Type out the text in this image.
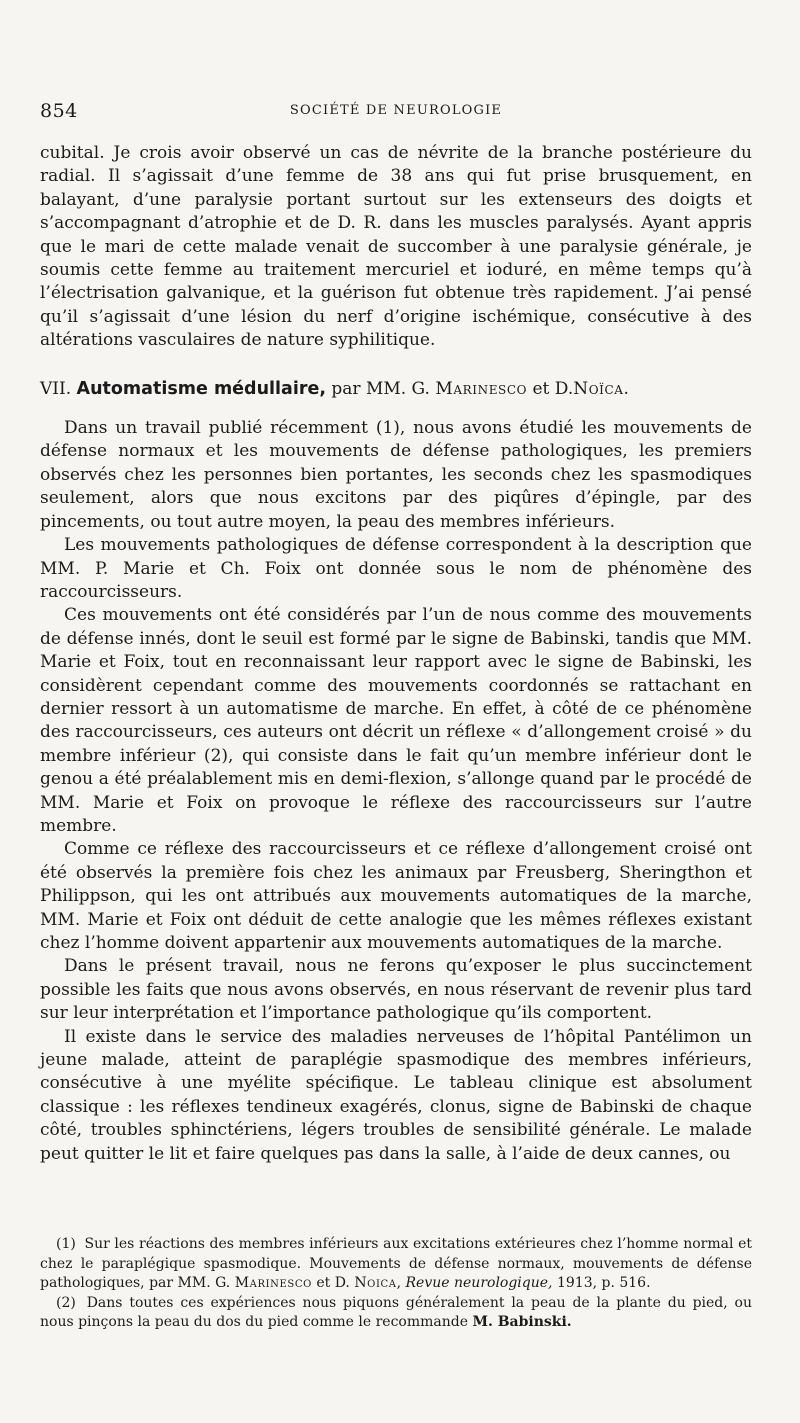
854	SOCIÉTÉ DE NEUROLOGIE

cubital. Je crois avoir observé un cas de névrite de la branche postérieure du radial. Il s’agissait d’une femme de 38 ans qui fut prise brusquement, en balayant, d’une paralysie portant surtout sur les extenseurs des doigts et s’accompagnant d’atrophie et de D. R. dans les muscles paralysés. Ayant appris que le mari de cette malade venait de succomber à une paralysie générale, je soumis cette femme au traitement mercuriel et ioduré, en même temps qu’à l’électrisation galvanique, et la guérison fut obtenue très rapidement. J’ai pensé qu’il s’agissait d’une lésion du nerf d’origine ischémique, consécutive à des altérations vasculaires de nature syphilitique.

VII. Automatisme médullaire, par MM. G. Marinesco et D.Noïca.

Dans un travail publié récemment (1), nous avons étudié les mouvements de défense normaux et les mouvements de défense pathologiques, les premiers observés chez les personnes bien portantes, les seconds chez les spasmodiques seulement, alors que nous excitons par des piqûres d’épingle, par des pincements, ou tout autre moyen, la peau des membres inférieurs.

Les mouvements pathologiques de défense correspondent à la description que MM. P. Marie et Ch. Foix ont donnée sous le nom de phénomène des raccourcisseurs.

Ces mouvements ont été considérés par l’un de nous comme des mouvements de défense innés, dont le seuil est formé par le signe de Babinski, tandis que MM. Marie et Foix, tout en reconnaissant leur rapport avec le signe de Babinski, les considèrent cependant comme des mouvements coordonnés se rattachant en dernier ressort à un automatisme de marche. En effet, à côté de ce phénomène des raccourcisseurs, ces auteurs ont décrit un réflexe « d’allongement croisé » du membre inférieur (2), qui consiste dans le fait qu’un membre inférieur dont le genou a été préalablement mis en demi-flexion, s’allonge quand par le procédé de MM. Marie et Foix on provoque le réflexe des raccourcisseurs sur l’autre membre.

Comme ce réflexe des raccourcisseurs et ce réflexe d’allongement croisé ont été observés la première fois chez les animaux par Freusberg, Sheringthon et Philippson, qui les ont attribués aux mouvements automatiques de la marche, MM. Marie et Foix ont déduit de cette analogie que les mêmes réflexes existant chez l’homme doivent appartenir aux mouvements automatiques de la marche.

Dans le présent travail, nous ne ferons qu’exposer le plus succinctement possible les faits que nous avons observés, en nous réservant de revenir plus tard sur leur interprétation et l’importance pathologique qu’ils comportent.

Il existe dans le service des maladies nerveuses de l’hôpital Pantélimon un jeune malade, atteint de paraplégie spasmodique des membres inférieurs, consécutive à une myélite spécifique. Le tableau clinique est absolument classique : les réflexes tendineux exagérés, clonus, signe de Babinski de chaque côté, troubles sphinctériens, légers troubles de sensibilité générale. Le malade peut quitter le lit et faire quelques pas dans la salle, à l’aide de deux cannes, ou

(1) Sur les réactions des membres inférieurs aux excitations extérieures chez l’homme normal et chez le paraplégique spasmodique. Mouvements de défense normaux, mouvements de défense pathologiques, par MM. G. Marinesco et D. Noica, Revue neurologique, 1913, p. 516.

(2) Dans toutes ces expériences nous piquons généralement la peau de la plante du pied, ou nous pinçons la peau du dos du pied comme le recommande M. Babinski.
